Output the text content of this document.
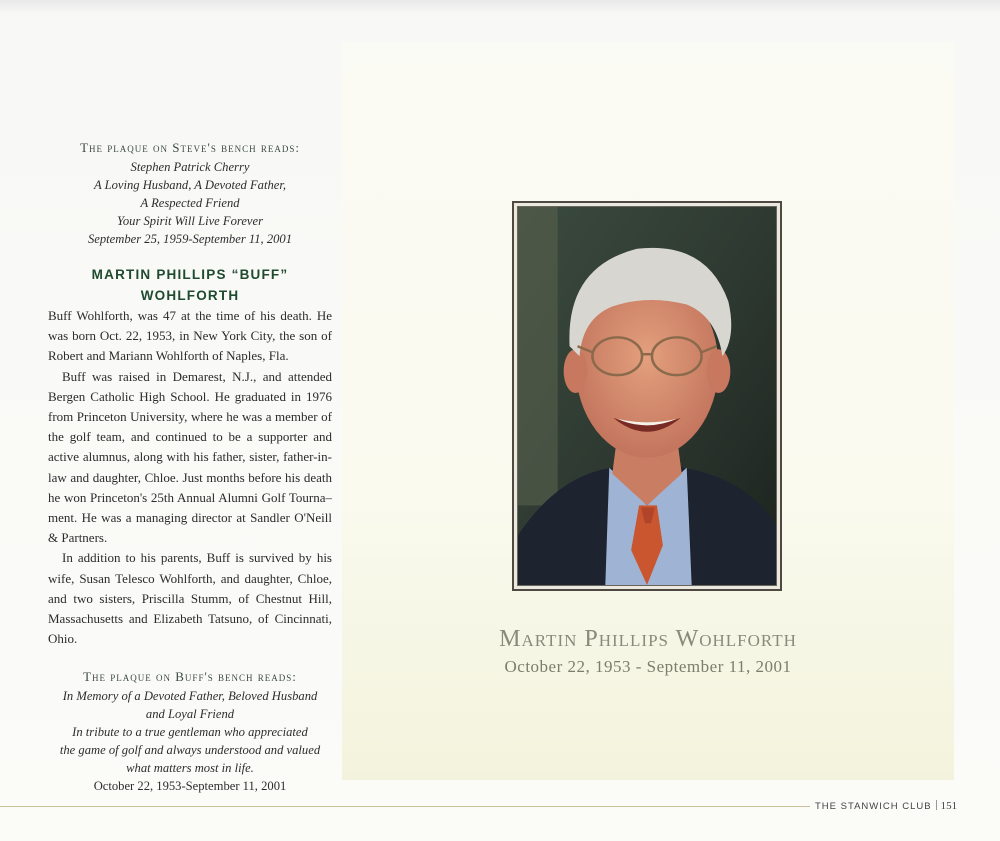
The plaque on Steve's bench reads:
Stephen Patrick Cherry
A Loving Husband, A Devoted Father,
A Respected Friend
Your Spirit Will Live Forever
September 25, 1959-September 11, 2001
MARTIN PHILLIPS “BUFF”
WOHLFORTH

Buff Wohlforth, was 47 at the time of his death. He was born Oct. 22, 1953, in New York City, the son of Robert and Mariann Wohlforth of Naples, Fla.

Buff was raised in Demarest, N.J., and attended Bergen Catholic High School. He graduated in 1976 from Princeton University, where he was a member of the golf team, and continued to be a supporter and active alumnus, along with his father, sister, father-in-law and daughter, Chloe. Just months before his death he won Princeton's 25th Annual Alumni Golf Tourna–ment. He was a managing director at Sandler O'Neill & Partners.

In addition to his parents, Buff is survived by his wife, Susan Telesco Wohlforth, and daughter, Chloe, and two sisters, Priscilla Stumm, of Chestnut Hill, Massachusetts and Elizabeth Tatsuno, of Cincinnati, Ohio.

The plaque on Buff's bench reads:
In Memory of a Devoted Father, Beloved Husband
and Loyal Friend
In tribute to a true gentleman who appreciated
the game of golf and always understood and valued
what matters most in life.
October 22, 1953-September 11, 2001
Martin Phillips Wohlforth
October 22, 1953 - September 11, 2001
THE STANWICH CLUB 151
